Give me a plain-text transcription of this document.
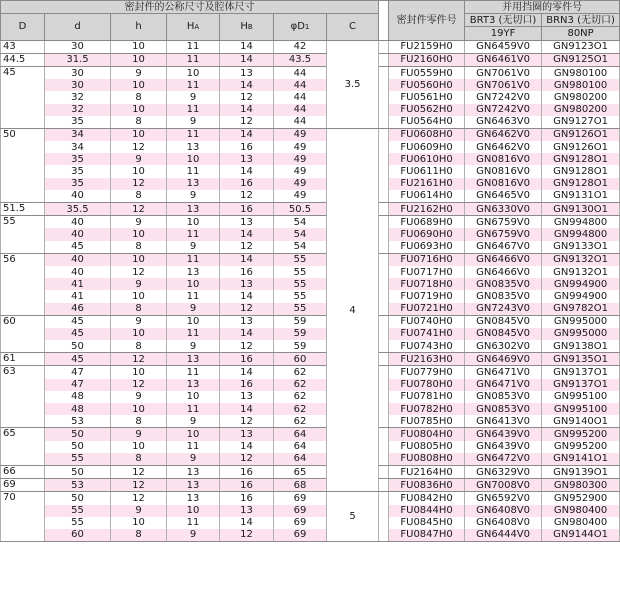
密封件的公称尺寸及腔体尺寸								密封件零件号	并用挡圈的零件号	
D	d	h	HA	HB	φD1	C			BRT3 (无切口)	BRN3 (无切口)
									19YF	80NP
43	30	10	11	14	42	3.5		FU2159H0	GN6459V0	GN9123O1
44.5	31.5	10	11	14	43.5			FU2160H0	GN6461V0	GN9125O1
45	30	9	10	13	44			FU0559H0	GN7061V0	GN980100
	30	10	11	14	44			FU0560H0	GN7061V0	GN980100
	32	8	9	12	44			FU0561H0	GN7242V0	GN980200
	32	10	11	14	44			FU0562H0	GN7242V0	GN980200
	35	8	9	12	44			FU0564H0	GN6463V0	GN9127O1
50	34	10	11	14	49	4		FU0608H0	GN6462V0	GN9126O1
	34	12	13	16	49			FU0609H0	GN6462V0	GN9126O1
	35	9	10	13	49			FU0610H0	GN0816V0	GN9128O1
	35	10	11	14	49			FU0611H0	GN0816V0	GN9128O1
	35	12	13	16	49			FU2161H0	GN0816V0	GN9128O1
	40	8	9	12	49			FU0614H0	GN6465V0	GN9131O1
51.5	35.5	12	13	16	50.5			FU2162H0	GN6330V0	GN9130O1
55	40	9	10	13	54			FU0689H0	GN6759V0	GN994800
	40	10	11	14	54			FU0690H0	GN6759V0	GN994800
	45	8	9	12	54			FU0693H0	GN6467V0	GN9133O1
56	40	10	11	14	55			FU0716H0	GN6466V0	GN9132O1
	40	12	13	16	55			FU0717H0	GN6466V0	GN9132O1
	41	9	10	13	55			FU0718H0	GN0835V0	GN994900
	41	10	11	14	55			FU0719H0	GN0835V0	GN994900
	46	8	9	12	55			FU0721H0	GN7243V0	GN9782O1
60	45	9	10	13	59			FU0740H0	GN0845V0	GN995000
	45	10	11	14	59			FU0741H0	GN0845V0	GN995000
	50	8	9	12	59			FU0743H0	GN6302V0	GN9138O1
61	45	12	13	16	60			FU2163H0	GN6469V0	GN9135O1
63	47	10	11	14	62			FU0779H0	GN6471V0	GN9137O1
	47	12	13	16	62			FU0780H0	GN6471V0	GN9137O1
	48	9	10	13	62			FU0781H0	GN0853V0	GN995100
	48	10	11	14	62			FU0782H0	GN0853V0	GN995100
	53	8	9	12	62			FU0785H0	GN6413V0	GN9140O1
65	50	9	10	13	64			FU0804H0	GN6439V0	GN995200
	50	10	11	14	64			FU0805H0	GN6439V0	GN995200
	55	8	9	12	64			FU0808H0	GN6472V0	GN9141O1
66	50	12	13	16	65			FU2164H0	GN6329V0	GN9139O1
69	53	12	13	16	68			FU0836H0	GN7008V0	GN980300
70	50	12	13	16	69	5		FU0842H0	GN6592V0	GN952900
	55	9	10	13	69			FU0844H0	GN6408V0	GN980400
	55	10	11	14	69			FU0845H0	GN6408V0	GN980400
	60	8	9	12	69			FU0847H0	GN6444V0	GN9144O1
